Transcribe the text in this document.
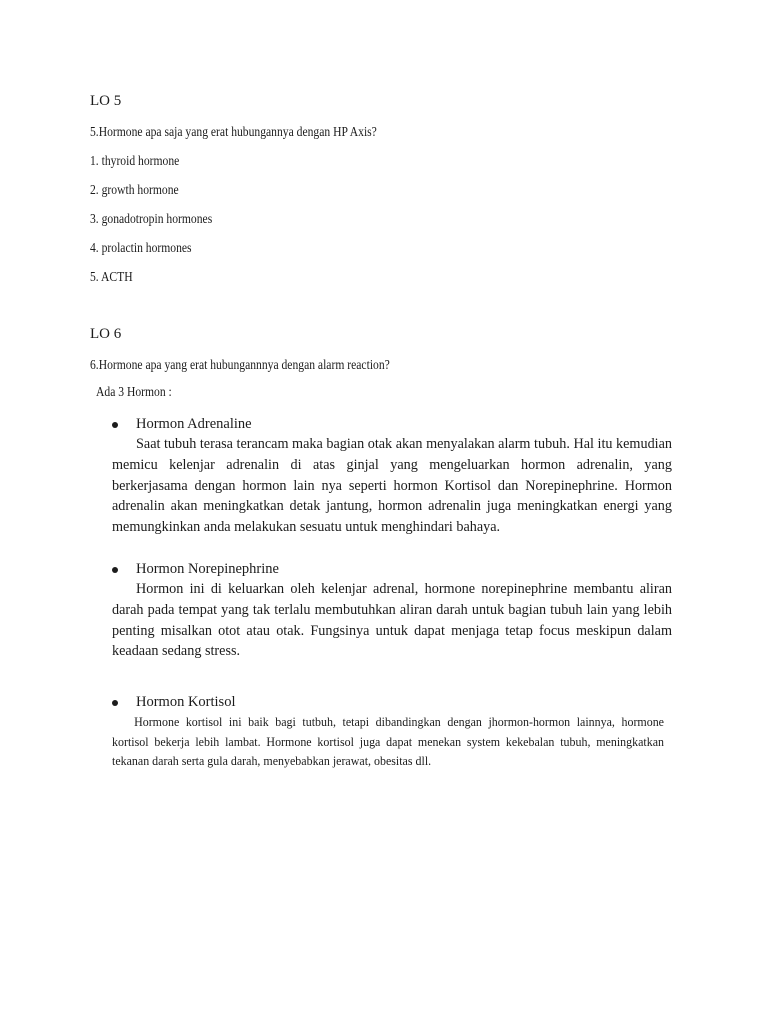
LO 5
5.Hormone apa saja yang erat hubungannya dengan HP Axis?
1. thyroid hormone
2. growth hormone
3. gonadotropin hormones
4. prolactin hormones
5. ACTH
LO 6
6.Hormone apa yang erat hubungannnya dengan alarm reaction?
Ada 3 Hormon :
Hormon Adrenaline

Saat tubuh terasa terancam maka bagian otak akan menyalakan alarm tubuh. Hal itu kemudian memicu kelenjar adrenalin di atas ginjal yang mengeluarkan hormon adrenalin, yang berkerjasama dengan hormon lain nya seperti hormon Kortisol dan Norepinephrine. Hormon adrenalin akan meningkatkan detak jantung, hormon adrenalin juga meningkatkan energi yang memungkinkan anda melakukan sesuatu untuk menghindari bahaya.

Hormon Norepinephrine

Hormon ini di keluarkan oleh kelenjar adrenal, hormone norepinephrine membantu aliran darah pada tempat yang tak terlalu membutuhkan aliran darah untuk bagian tubuh lain yang lebih penting misalkan otot atau otak. Fungsinya untuk dapat menjaga tetap focus meskipun dalam keadaan sedang stress.

Hormon Kortisol

Hormone kortisol ini baik bagi tutbuh, tetapi dibandingkan dengan jhormon-hormon lainnya, hormone kortisol bekerja lebih lambat. Hormone kortisol juga dapat menekan system kekebalan tubuh, meningkatkan tekanan darah serta gula darah, menyebabkan jerawat, obesitas dll.
